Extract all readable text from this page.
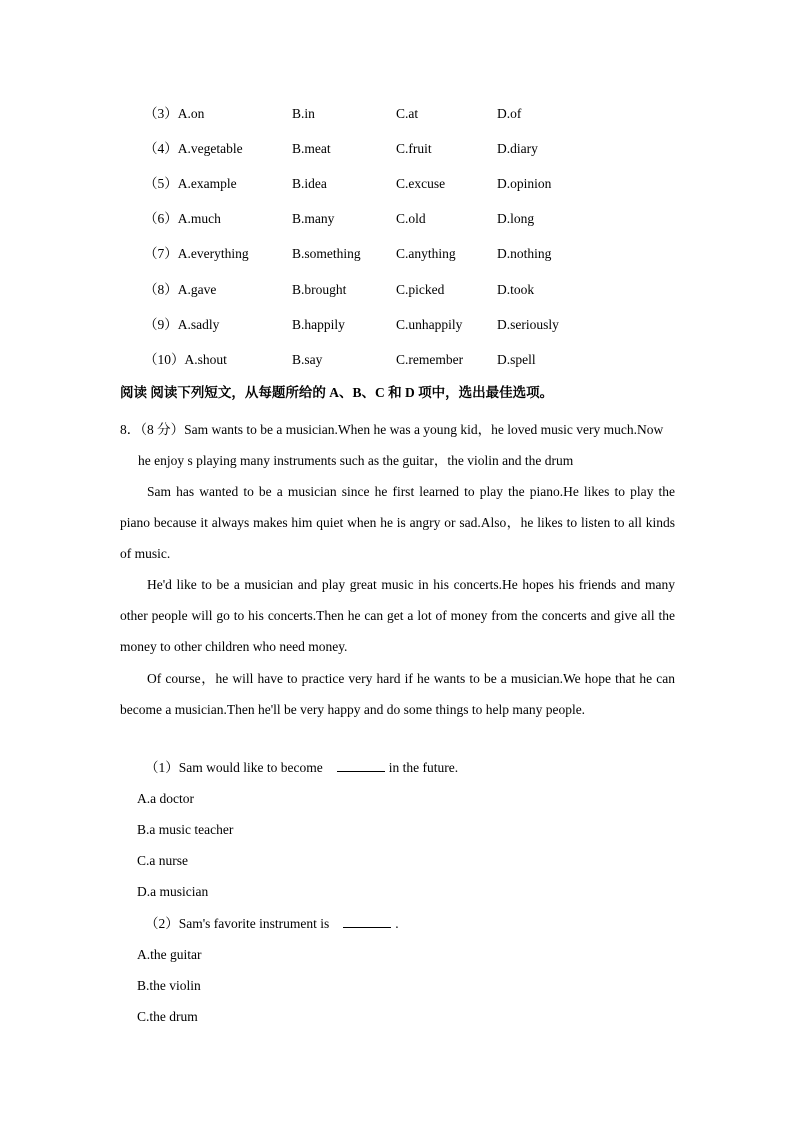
（3）A.on	B.in	C.at	D.of
（4）A.vegetable	B.meat	C.fruit	D.diary
（5）A.example	B.idea	C.excuse	D.opinion
（6）A.much	B.many	C.old	D.long
（7）A.everything	B.something	C.anything	D.nothing
（8）A.gave	B.brought	C.picked	D.took
（9）A.sadly	B.happily	C.unhappily	D.seriously
（10）A.shout	B.say	C.remember	D.spell
阅读 阅读下列短文，从每题所给的 A、B、C 和 D 项中，选出最佳选项。
8．（8 分）Sam wants to be a musician.When he was a young kid，he loved music very much.Now
he enjoy s playing many instruments such as the guitar，the violin and the drum
Sam has wanted to be a musician since he first learned to play the piano.He likes to play the piano because it always makes him quiet when he is angry or sad.Also，he likes to listen to all kinds of music.
He'd like to be a musician and play great music in his concerts.He hopes his friends and many other people will go to his concerts.Then he can get a lot of money from the concerts and give all the money to other children who need money.
Of course，he will have to practice very hard if he wants to be a musician.We hope that he can become a musician.Then he'll be very happy and do some things to help many people.
（1）Sam would like to become	in the future.
A.a doctor
B.a music teacher
C.a nurse
D.a musician
（2）Sam's favorite instrument is	.
A.the guitar
B.the violin
C.the drum
